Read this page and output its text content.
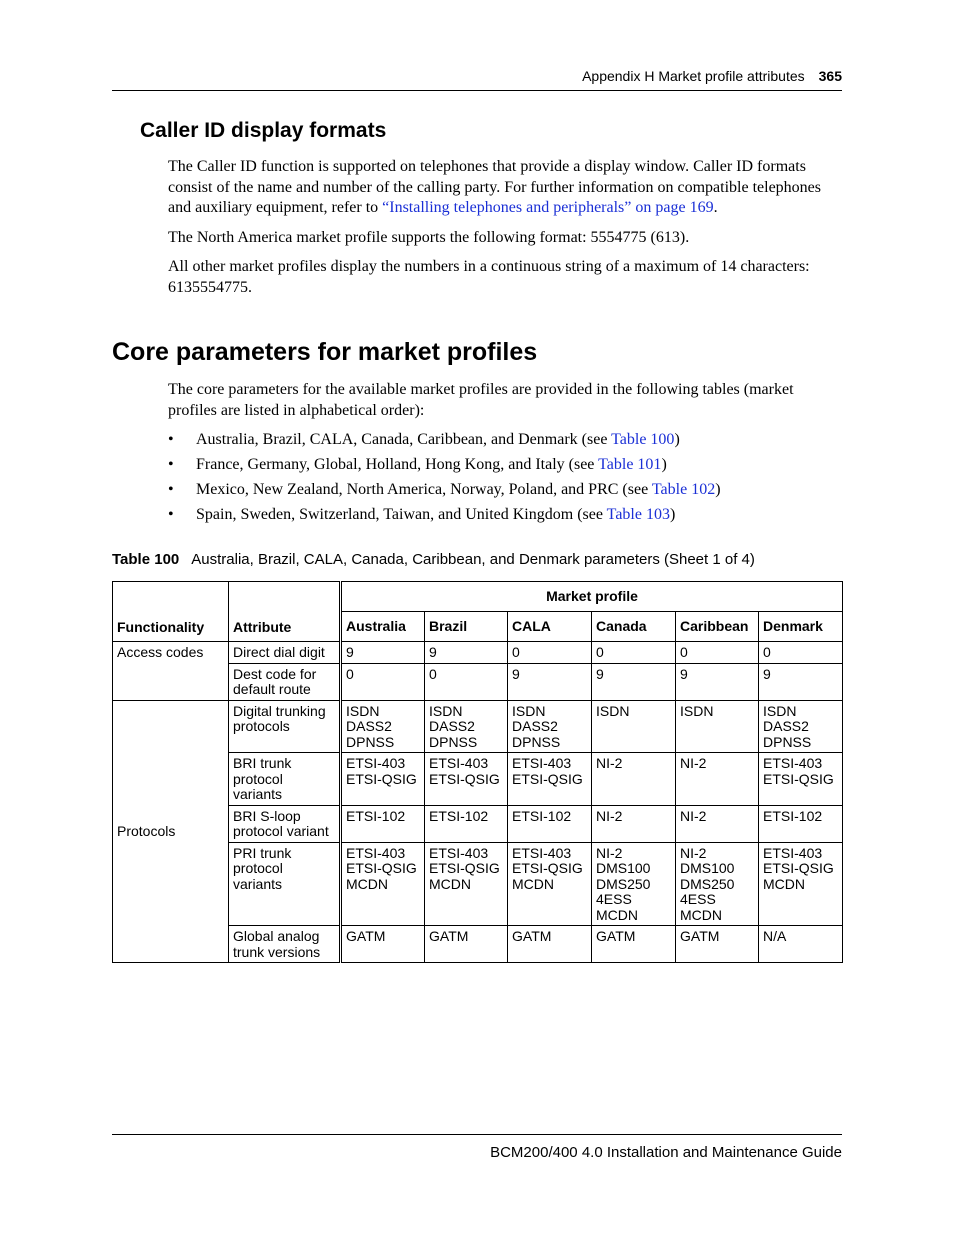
Appendix H Market profile attributes 365
Caller ID display formats

The Caller ID function is supported on telephones that provide a display window. Caller ID formats consist of the name and number of the calling party. For further information on compatible telephones and auxiliary equipment, refer to “Installing telephones and peripherals” on page 169.

The North America market profile supports the following format: 5554775 (613).

All other market profiles display the numbers in a continuous string of a maximum of 14 characters: 6135554775.

Core parameters for market profiles

The core parameters for the available market profiles are provided in the following tables (market profiles are listed in alphabetical order):

• Australia, Brazil, CALA, Canada, Caribbean, and Denmark (see Table 100)
• France, Germany, Global, Holland, Hong Kong, and Italy (see Table 101)
• Mexico, New Zealand, North America, Norway, Poland, and PRC (see Table 102)
• Spain, Sweden, Switzerland, Taiwan, and United Kingdom (see Table 103)
Table 100 Australia, Brazil, CALA, Canada, Caribbean, and Denmark parameters (Sheet 1 of 4)
Functionality	Attribute	Market profile					
		Australia	Brazil	CALA	Canada	Caribbean	Denmark
Access codes	Direct dial digit	9	9	0	0	0	0

	Dest code for default route	0	0	9	9	9	9

Protocols	Digital trunking protocols	ISDN
DASS2
DPNSS	ISDN
DASS2
DPNSS	ISDN
DASS2
DPNSS	ISDN	ISDN	ISDN
DASS2
DPNSS

	BRI trunk protocol variants	ETSI-403
ETSI-QSIG	ETSI-403
ETSI-QSIG	ETSI-403
ETSI-QSIG	NI-2	NI-2	ETSI-403
ETSI-QSIG

	BRI S-loop protocol variant	ETSI-102	ETSI-102	ETSI-102	NI-2	NI-2	ETSI-102

	PRI trunk protocol variants	ETSI-403
ETSI-QSIG
MCDN	ETSI-403
ETSI-QSIG
MCDN	ETSI-403
ETSI-QSIG
MCDN	NI-2
DMS100
DMS250
4ESS
MCDN	NI-2
DMS100
DMS250
4ESS
MCDN	ETSI-403
ETSI-QSIG
MCDN

	Global analog trunk versions	GATM	GATM	GATM	GATM	GATM	N/A
BCM200/400 4.0 Installation and Maintenance Guide
